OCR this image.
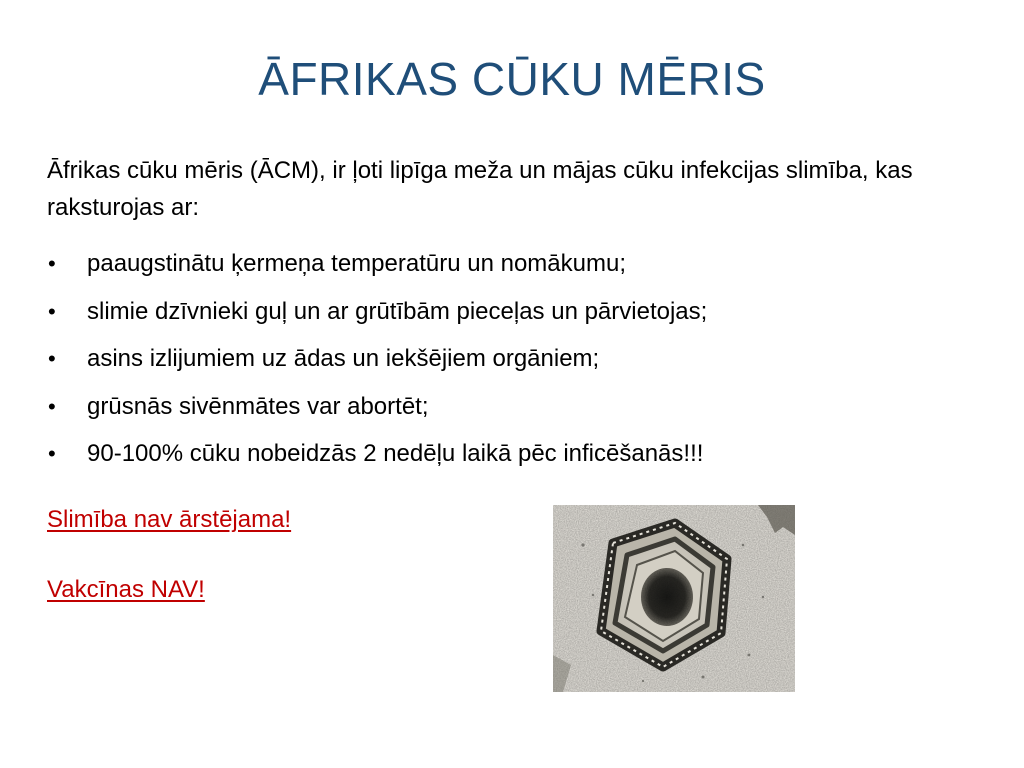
ĀFRIKAS CŪKU MĒRIS

Āfrikas cūku mēris (ĀCM), ir ļoti lipīga meža un mājas cūku infekcijas slimība, kas raksturojas ar:

• paaugstinātu ķermeņa temperatūru un nomākumu;
• slimie dzīvnieki guļ un ar grūtībām pieceļas un pārvietojas;
• asins izlijumiem uz ādas un iekšējiem orgāniem;
• grūsnās sivēnmātes var abortēt;
• 90-100% cūku nobeidzās 2 nedēļu laikā pēc inficēšanās!!!

Slimība nav ārstējama!

Vakcīnas NAV!
